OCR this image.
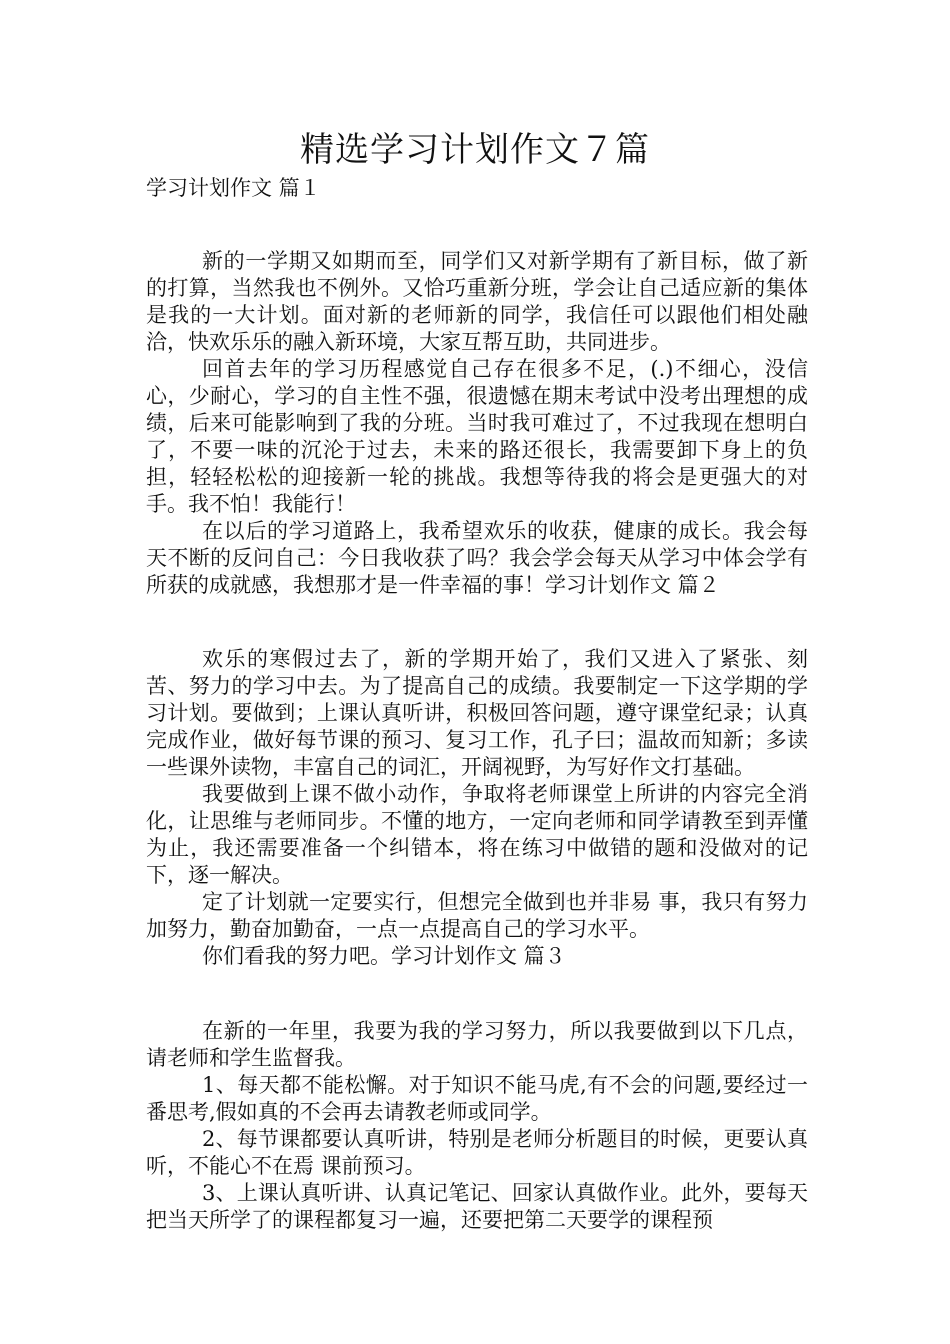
精选学习计划作文７篇
学习计划作文 篇１

新的一学期又如期而至，同学们又对新学期有了新目标，做了新的打算，当然我也不例外。又恰巧重新分班，学会让自己适应新的集体是我的一大计划。面对新的老师新的同学，我信任可以跟他们相处融洽，快欢乐乐的融入新环境，大家互帮互助，共同进步。

回首去年的学习历程感觉自己存在很多不足，(.)不细心，没信心，少耐心，学习的自主性不强，很遗憾在期末考试中没考出理想的成绩，后来可能影响到了我的分班。当时我可难过了，不过我现在想明白了，不要一味的沉沦于过去，未来的路还很长，我需要卸下身上的负担，轻轻松松的迎接新一轮的挑战。我想等待我的将会是更强大的对手。我不怕！我能行！

在以后的学习道路上，我希望欢乐的收获，健康的成长。我会每天不断的反问自己：今日我收获了吗？我会学会每天从学习中体会学有所获的成就感，我想那才是一件幸福的事！学习计划作文 篇２

欢乐的寒假过去了，新的学期开始了，我们又进入了紧张、刻苦、努力的学习中去。为了提高自己的成绩。我要制定一下这学期的学习计划。要做到；上课认真听讲，积极回答问题，遵守课堂纪录；认真完成作业，做好每节课的预习、复习工作，孔子曰；温故而知新；多读一些课外读物，丰富自己的词汇，开阔视野，为写好作文打基础。

我要做到上课不做小动作，争取将老师课堂上所讲的内容完全消化，让思维与老师同步。不懂的地方，一定向老师和同学请教至到弄懂为止，我还需要准备一个纠错本，将在练习中做错的题和没做对的记下，逐一解决。

定了计划就一定要实行，但想完全做到也并非易 事，我只有努力加努力，勤奋加勤奋，一点一点提高自己的学习水平。

你们看我的努力吧。学习计划作文 篇３

在新的一年里，我要为我的学习努力，所以我要做到以下几点，请老师和学生监督我。

1、每天都不能松懈。对于知识不能马虎,有不会的问题,要经过一番思考,假如真的不会再去请教老师或同学。

2、每节课都要认真听讲，特别是老师分析题目的时候，更要认真听，不能心不在焉 课前预习。

3、上课认真听讲、认真记笔记、回家认真做作业。此外，要每天把当天所学了的课程都复习一遍，还要把第二天要学的课程预
